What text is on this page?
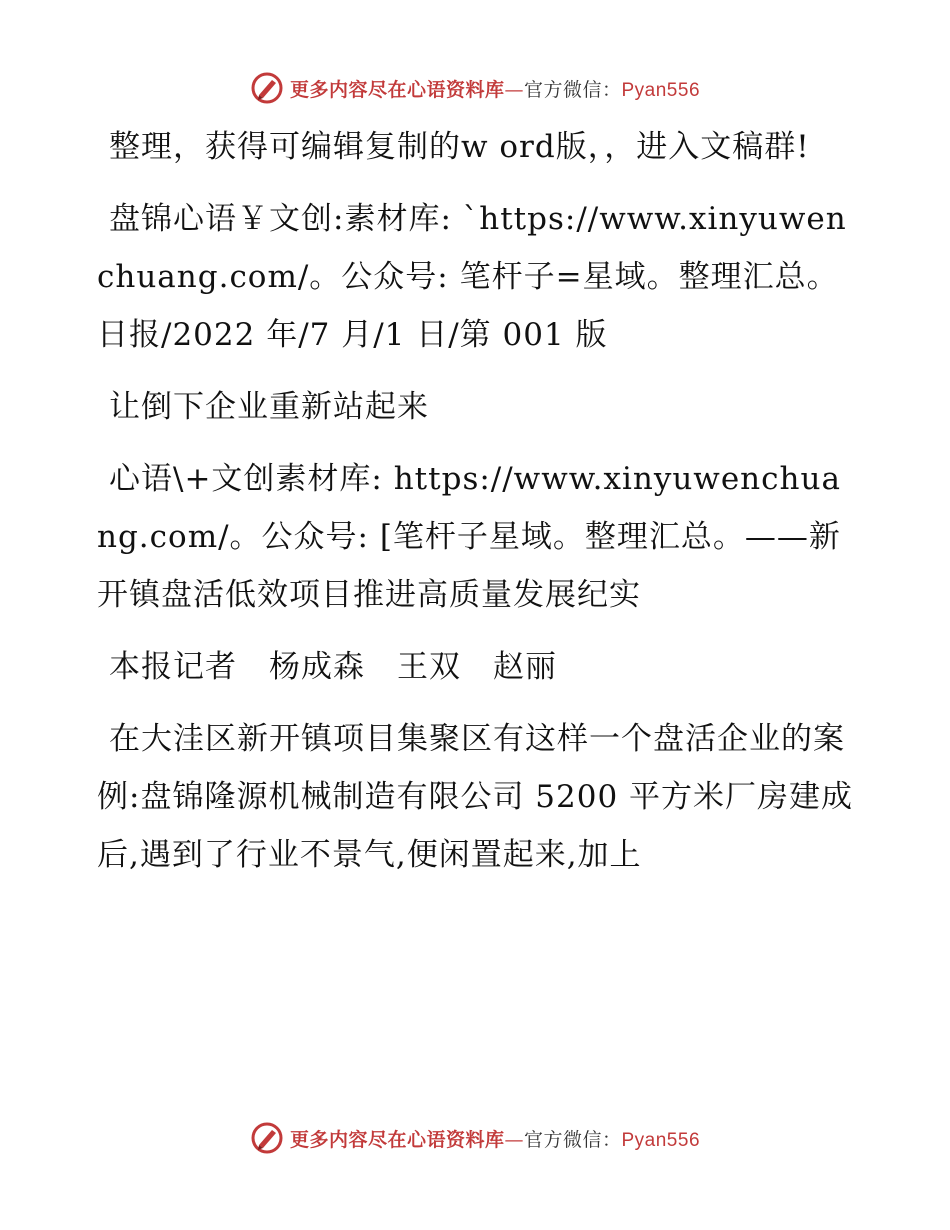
更多内容尽在心语资料库—官方微信：Pyan556

整理，获得可编辑复制的w ord版，，进入文稿群!

盘锦心语￥文创:素材库: `https://www.xinyuwenchuang.com/。公众号: 笔杆子=星域。整理汇总。日报/2022 年/7 月/1 日/第 001 版

让倒下企业重新站起来

心语\+文创素材库: https://www.xinyuwenchuang.com/。公众号: [笔杆子星域。整理汇总。——新开镇盘活低效项目推进高质量发展纪实

本报记者　杨成森　王双　赵丽

在大洼区新开镇项目集聚区有这样一个盘活企业的案例:盘锦隆源机械制造有限公司 5200 平方米厂房建成后,遇到了行业不景气,便闲置起来,加上

更多内容尽在心语资料库—官方微信：Pyan556
